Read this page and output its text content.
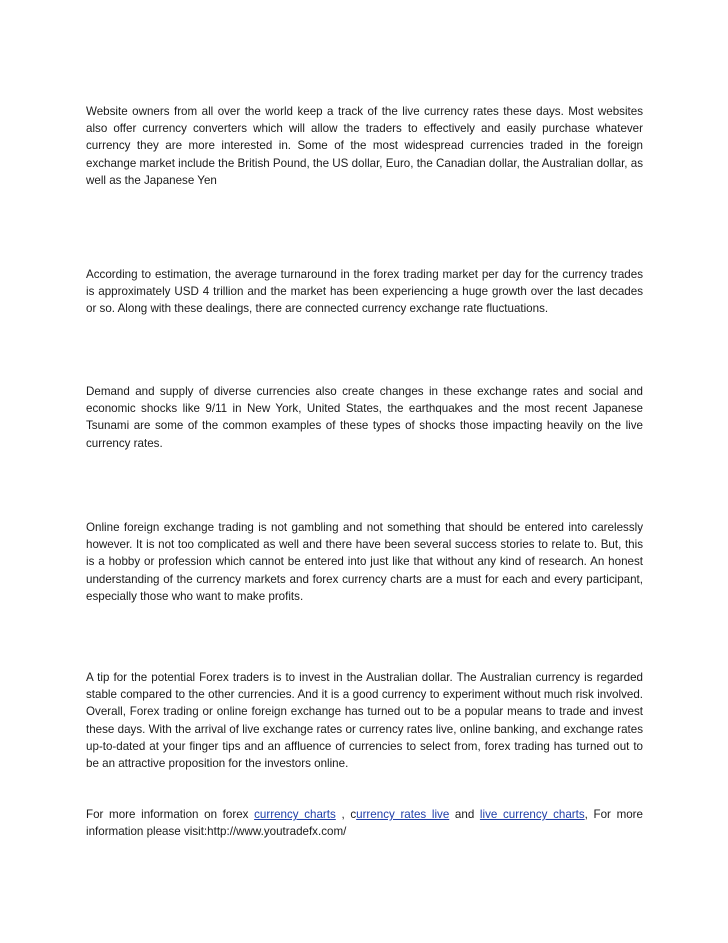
Website owners from all over the world keep a track of the live currency rates these days. Most websites also offer currency converters which will allow the traders to effectively and easily purchase whatever currency they are more interested in. Some of the most widespread currencies traded in the foreign exchange market include the British Pound, the US dollar, Euro, the Canadian dollar, the Australian dollar, as well as the Japanese Yen

According to estimation, the average turnaround in the forex trading market per day for the currency trades is approximately USD 4 trillion and the market has been experiencing a huge growth over the last decades or so. Along with these dealings, there are connected currency exchange rate fluctuations.

Demand and supply of diverse currencies also create changes in these exchange rates and social and economic shocks like 9/11 in New York, United States, the earthquakes and the most recent Japanese Tsunami are some of the common examples of these types of shocks those impacting heavily on the live currency rates.

Online foreign exchange trading is not gambling and not something that should be entered into carelessly however. It is not too complicated as well and there have been several success stories to relate to. But, this is a hobby or profession which cannot be entered into just like that without any kind of research. An honest understanding of the currency markets and forex currency charts are a must for each and every participant, especially those who want to make profits.

A tip for the potential Forex traders is to invest in the Australian dollar. The Australian currency is regarded stable compared to the other currencies. And it is a good currency to experiment without much risk involved. Overall, Forex trading or online foreign exchange has turned out to be a popular means to trade and invest these days. With the arrival of live exchange rates or currency rates live, online banking, and exchange rates up-to-dated at your finger tips and an affluence of currencies to select from, forex trading has turned out to be an attractive proposition for the investors online.

For more information on forex currency charts , currency rates live and live currency charts, For more information please visit:http://www.youtradefx.com/
